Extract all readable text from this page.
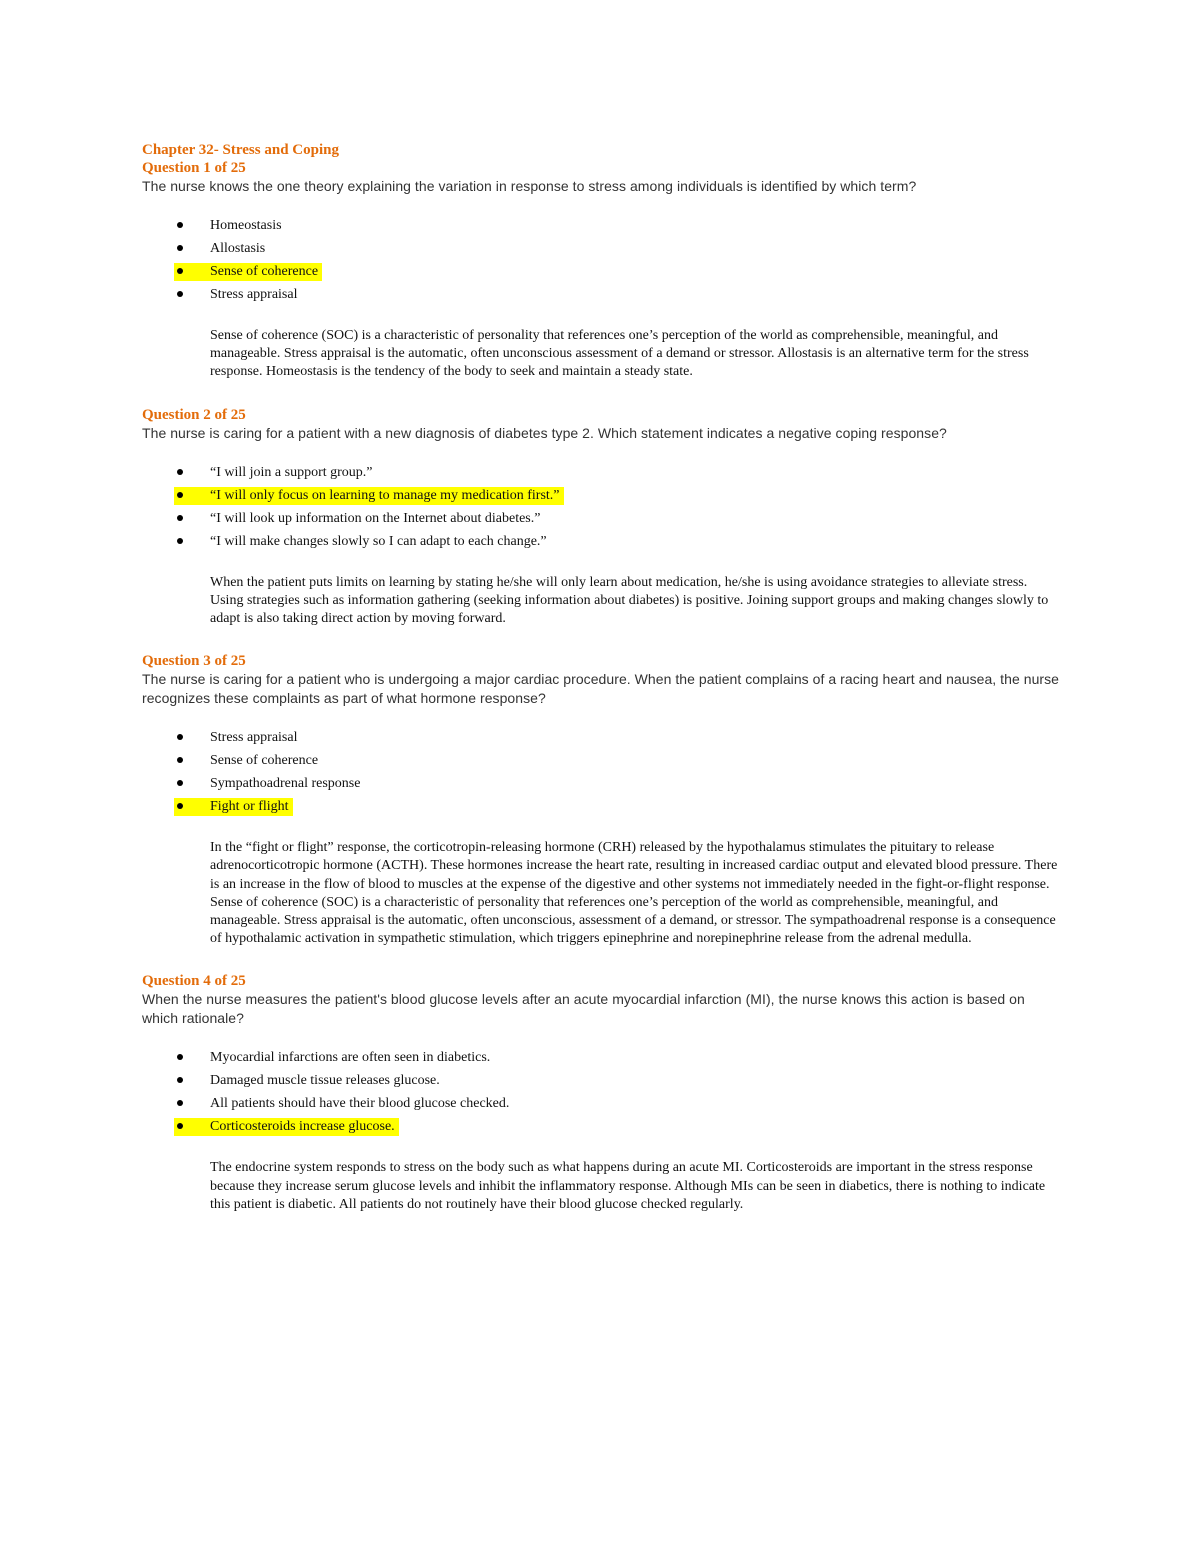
Chapter 32- Stress and Coping
Question 1 of 25
The nurse knows the one theory explaining the variation in response to stress among individuals is identified by which term?
Homeostasis
Allostasis
Sense of coherence
Stress appraisal

Sense of coherence (SOC) is a characteristic of personality that references one’s perception of the world as comprehensible, meaningful, and manageable. Stress appraisal is the automatic, often unconscious assessment of a demand or stressor. Allostasis is an alternative term for the stress response. Homeostasis is the tendency of the body to seek and maintain a steady state.

Question 2 of 25
The nurse is caring for a patient with a new diagnosis of diabetes type 2. Which statement indicates a negative coping response?
“I will join a support group.”
“I will only focus on learning to manage my medication first.”
“I will look up information on the Internet about diabetes.”
“I will make changes slowly so I can adapt to each change.”

When the patient puts limits on learning by stating he/she will only learn about medication, he/she is using avoidance strategies to alleviate stress. Using strategies such as information gathering (seeking information about diabetes) is positive. Joining support groups and making changes slowly to adapt is also taking direct action by moving forward.

Question 3 of 25
The nurse is caring for a patient who is undergoing a major cardiac procedure. When the patient complains of a racing heart and nausea, the nurse recognizes these complaints as part of what hormone response?
Stress appraisal
Sense of coherence
Sympathoadrenal response
Fight or flight

In the “fight or flight” response, the corticotropin-releasing hormone (CRH) released by the hypothalamus stimulates the pituitary to release adrenocorticotropic hormone (ACTH). These hormones increase the heart rate, resulting in increased cardiac output and elevated blood pressure. There is an increase in the flow of blood to muscles at the expense of the digestive and other systems not immediately needed in the fight-or-flight response. Sense of coherence (SOC) is a characteristic of personality that references one’s perception of the world as comprehensible, meaningful, and manageable. Stress appraisal is the automatic, often unconscious, assessment of a demand, or stressor. The sympathoadrenal response is a consequence of hypothalamic activation in sympathetic stimulation, which triggers epinephrine and norepinephrine release from the adrenal medulla.

Question 4 of 25
When the nurse measures the patient's blood glucose levels after an acute myocardial infarction (MI), the nurse knows this action is based on which rationale?
Myocardial infarctions are often seen in diabetics.
Damaged muscle tissue releases glucose.
All patients should have their blood glucose checked.
Corticosteroids increase glucose.

The endocrine system responds to stress on the body such as what happens during an acute MI. Corticosteroids are important in the stress response because they increase serum glucose levels and inhibit the inflammatory response. Although MIs can be seen in diabetics, there is nothing to indicate this patient is diabetic. All patients do not routinely have their blood glucose checked regularly.
